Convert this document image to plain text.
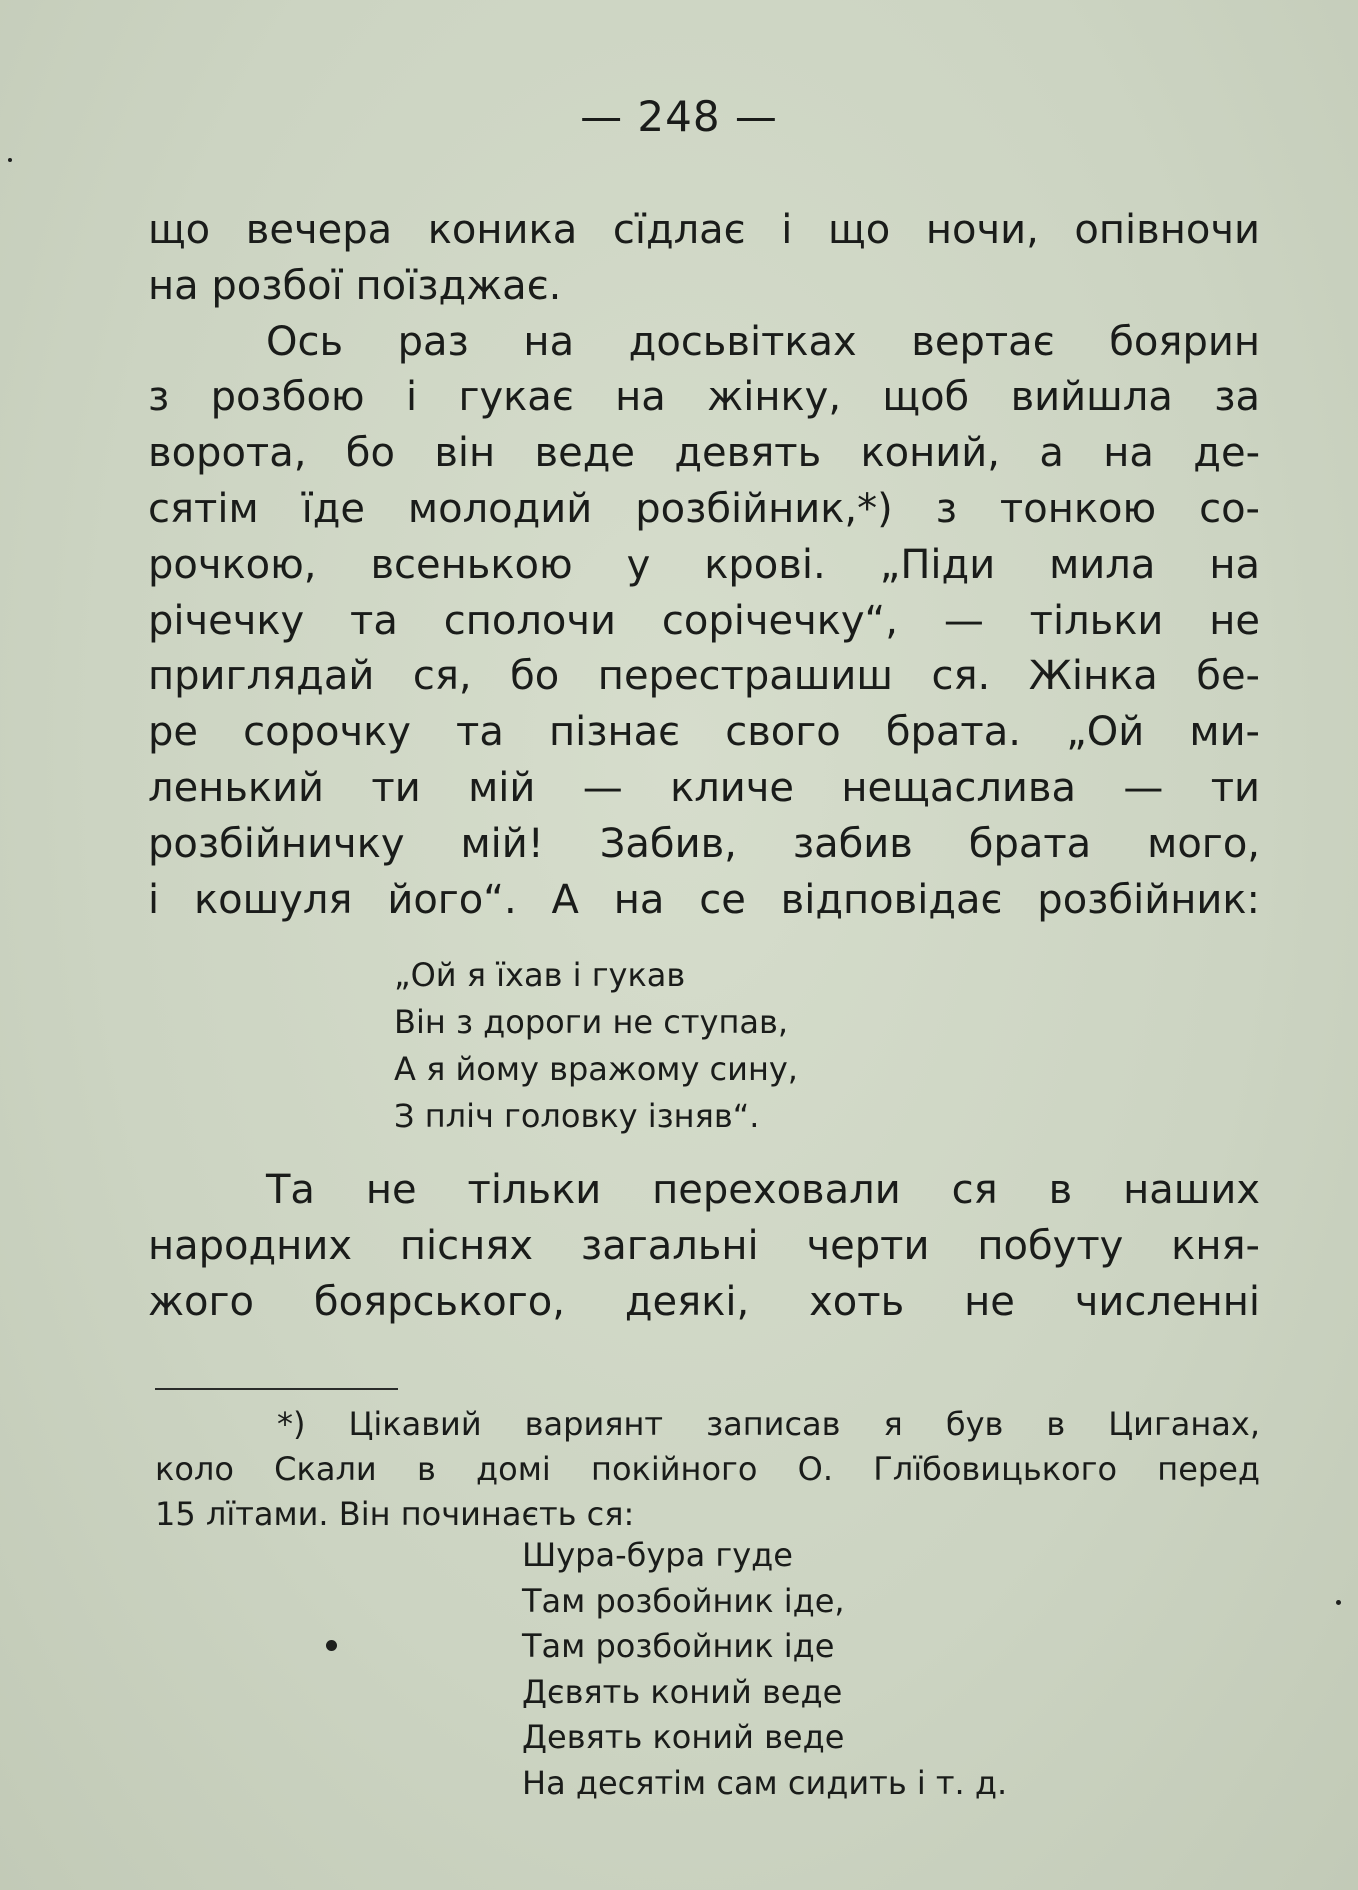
— 248 —
що вечера коника сїдлає і що ночи, опівночи
на розбої поїзджає.
Ось раз на досьвітках вертає боярин
з розбою і гукає на жінку, щоб вийшла за
ворота, бо він веде девять коний, а на де-
сятім їде молодий розбійник,*) з тонкою со-
рочкою, всенькою у крові. „Піди мила на
річечку та сполочи сорічечку“, — тільки не
приглядай ся, бо перестрашиш ся. Жінка бе-
ре сорочку та пізнає свого брата. „Ой ми-
ленький ти мій — кличе нещаслива — ти
розбійничку мій! Забив, забив брата мого,
і кошуля його“. А на се відповідає розбійник:
„Ой я їхав і гукав
Він з дороги не ступав,
А я йому вражому сину,
З пліч головку ізняв“.
Та не тільки переховали ся в наших
народних піснях загальні черти побуту кня-
жого боярського, деякі, хоть не численні
*) Цікавий вариянт записав я був в Циганах,
коло Скали в домі покійного О. Глїбовицького перед
15 лїтами. Він починаєть ся:
Шура-бура гуде
Там розбойник іде,
Там розбойник іде
Дєвять коний веде
Девять коний веде
На десятім сам сидить і т. д.
